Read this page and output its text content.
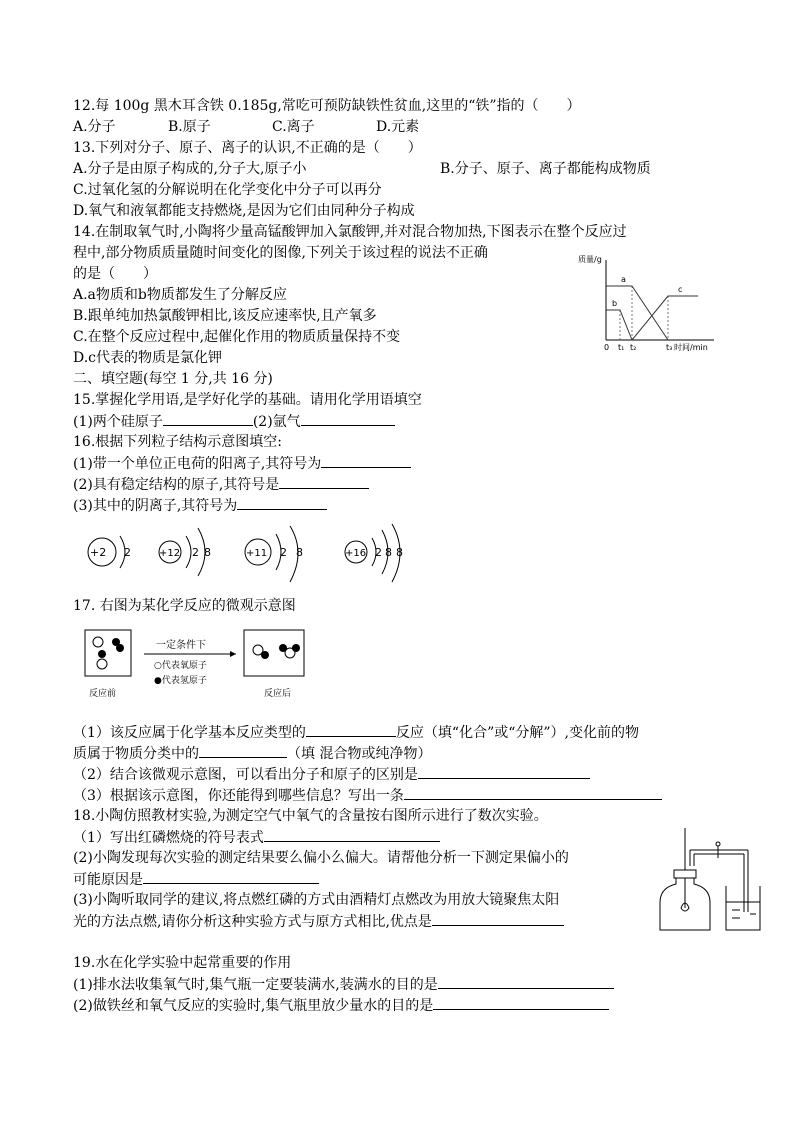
12.每 100g 黑木耳含铁 0.185g,常吃可预防缺铁性贫血,这里的“铁”指的（　　）
A.分子	B.原子	C.离子	D.元素
13.下列对分子、原子、离子的认识,不正确的是（　　）
A.分子是由原子构成的,分子大,原子小	B.分子、原子、离子都能构成物质
C.过氧化氢的分解说明在化学变化中分子可以再分
D.氧气和液氧都能支持燃烧,是因为它们由同种分子构成
14.在制取氧气时,小陶将少量高锰酸钾加入氯酸钾,并对混合物加热,下图表示在整个反应过
程中,部分物质质量随时间变化的图像,下列关于该过程的说法不正确
的是（　　）
A.a物质和b物质都发生了分解反应
B.跟单纯加热氯酸钾相比,该反应速率快,且产氧多
C.在整个反应过程中,起催化作用的物质质量保持不变
D.c代表的物质是氯化钾
质量/g
0 t₁ t₂	t₃ 时间/min
a
b
c
二、填空题(每空 1 分,共 16 分)
15.掌握化学用语,是学好化学的基础。请用化学用语填空
(1)两个硅原子	(2)氩气
16.根据下列粒子结构示意图填空:
(1)带一个单位正电荷的阳离子,其符号为
(2)具有稳定结构的原子,其符号是
(3)其中的阴离子,其符号为
+2 2	+12 2 8	+11 2 8	+16 2 8 8
17. 右图为某化学反应的微观示意图
反应前
一定条件下
○代表氧原子
●代表氢原子
反应后
（1）该反应属于化学基本反应类型的	反应（填“化合”或“分解”）,变化前的物
质属于物质分类中的	（填 混合物或纯净物）
（2）结合该微观示意图，可以看出分子和原子的区别是
（3）根据该示意图，你还能得到哪些信息？写出一条
18.小陶仿照教材实验,为测定空气中氧气的含量按右图所示进行了数次实验。
（1）写出红磷燃烧的符号表式
(2)小陶发现每次实验的测定结果要么偏小么偏大。请帮他分析一下测定果偏小的
可能原因是
(3)小陶听取同学的建议,将点燃红磷的方式由酒精灯点燃改为用放大镜聚焦太阳
光的方法点燃,请你分析这种实验方式与原方式相比,优点是
19.水在化学实验中起常重要的作用
(1)排水法收集氧气时,集气瓶一定要装满水,装满水的目的是
(2)做铁丝和氧气反应的实验时,集气瓶里放少量水的目的是
